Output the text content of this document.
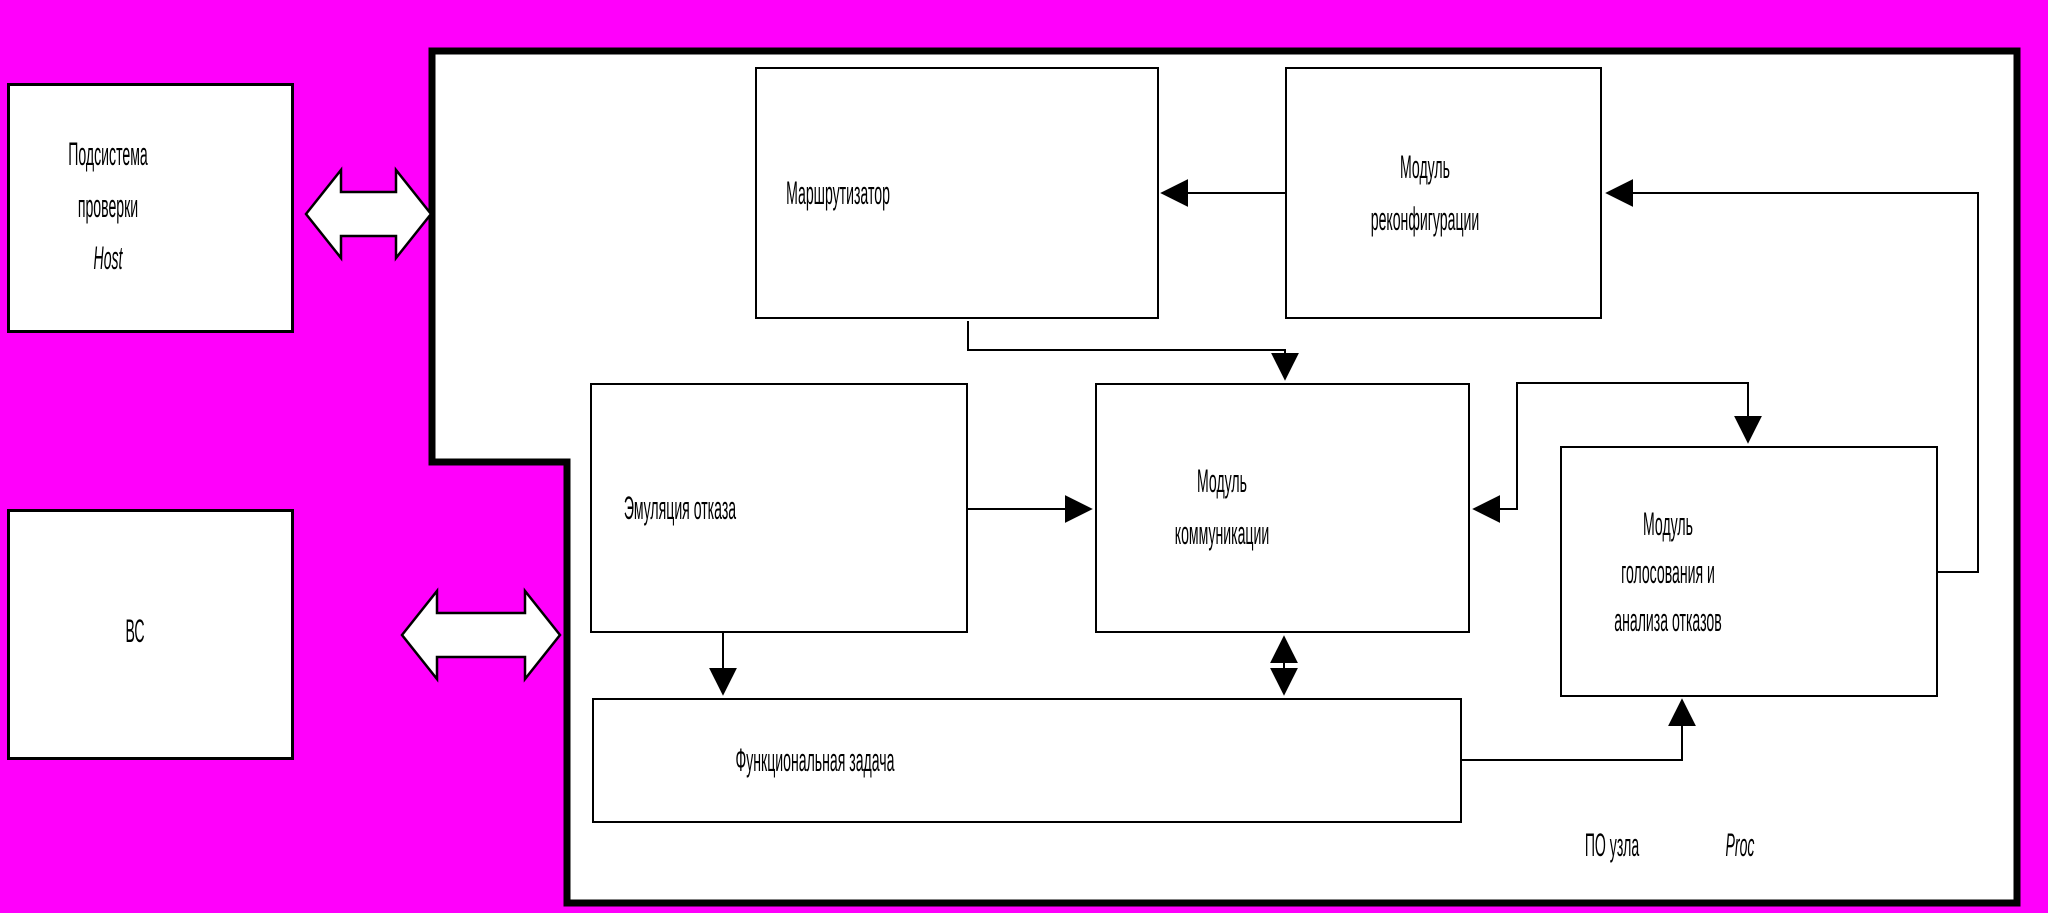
Подсистема
проверки
Host
ВС
Маршрутизатор
Модуль
реконфигурации
Эмуляция отказа
Модуль
коммуникации	Модуль
голосования и
анализа отказов
Функциональная задача
ПО узла	Proc
